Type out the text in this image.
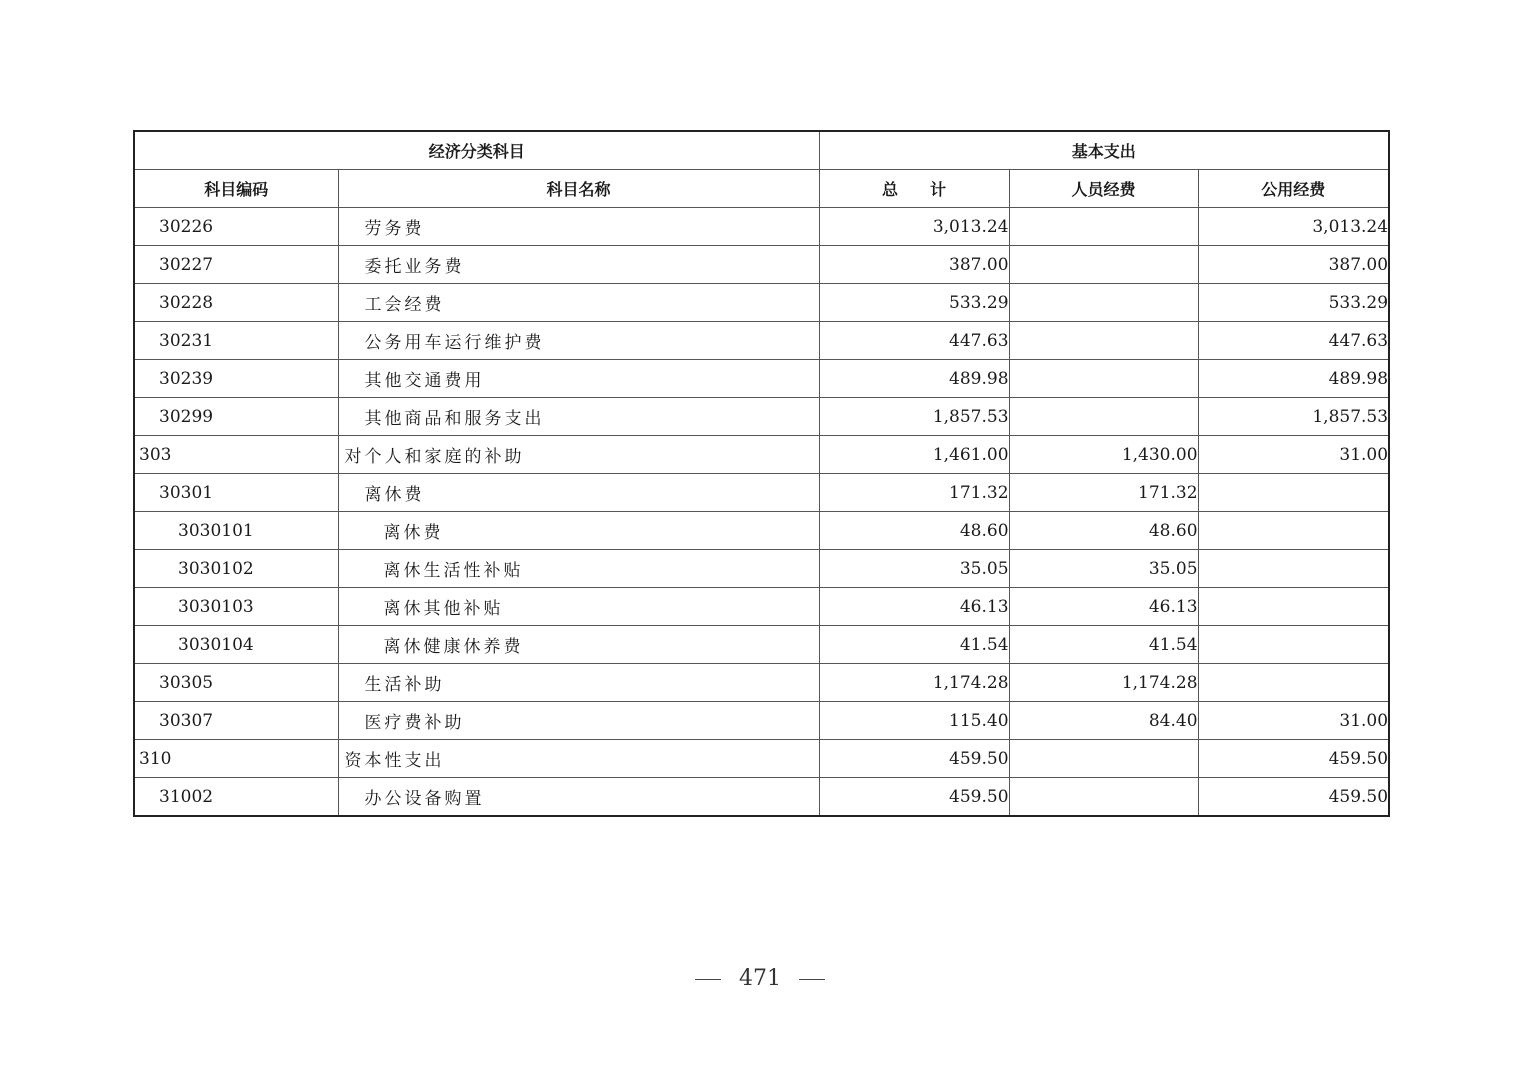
经济分类科目		基本支出		
科目编码	科目名称	总　　计	人员经费	公用经费
30226	劳务费	3,013.24		3,013.24
30227	委托业务费	387.00		387.00
30228	工会经费	533.29		533.29
30231	公务用车运行维护费	447.63		447.63
30239	其他交通费用	489.98		489.98
30299	其他商品和服务支出	1,857.53		1,857.53
303	对个人和家庭的补助	1,461.00	1,430.00	31.00
30301	离休费	171.32	171.32	
3030101	离休费	48.60	48.60	
3030102	离休生活性补贴	35.05	35.05	
3030103	离休其他补贴	46.13	46.13	
3030104	离休健康休养费	41.54	41.54	
30305	生活补助	1,174.28	1,174.28	
30307	医疗费补助	115.40	84.40	31.00
310	资本性支出	459.50		459.50
31002	办公设备购置	459.50		459.50
471
